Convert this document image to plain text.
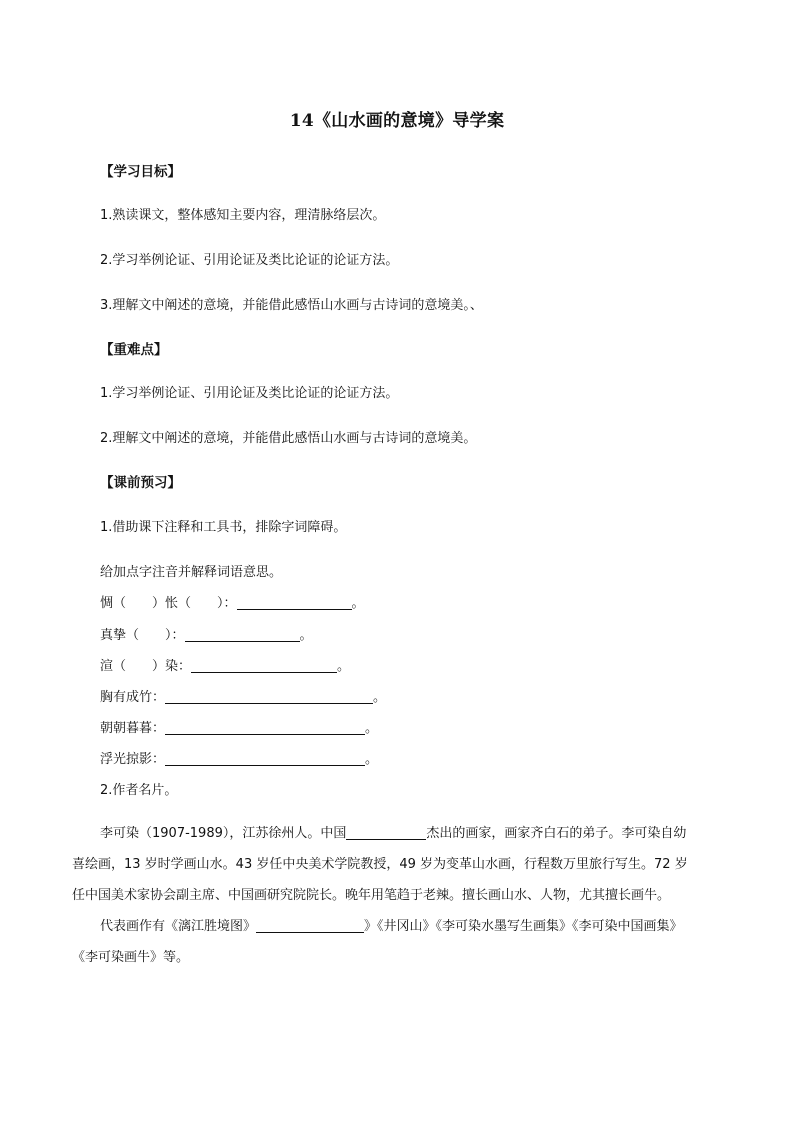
14《山水画的意境》导学案
【学习目标】
1.熟读课文，整体感知主要内容，理清脉络层次。
2.学习举例论证、引用论证及类比论证的论证方法。
3.理解文中阐述的意境，并能借此感悟山水画与古诗词的意境美。、
【重难点】
1.学习举例论证、引用论证及类比论证的论证方法。
2.理解文中阐述的意境，并能借此感悟山水画与古诗词的意境美。
【课前预习】
1.借助课下注释和工具书，排除字词障碍。
给加点字注音并解释词语意思。
惆（　　）怅（　　）：	。
真挚（　　）：	。
渲（　　）染：	。
胸有成竹：	。
朝朝暮暮：	。
浮光掠影：	。
2.作者名片。
李可染（1907-1989），江苏徐州人。中国	杰出的画家，画家齐白石的弟子。李可染自幼
喜绘画，13 岁时学画山水。43 岁任中央美术学院教授，49 岁为变革山水画，行程数万里旅行写生。72 岁
任中国美术家协会副主席、中国画研究院院长。晚年用笔趋于老辣。擅长画山水、人物，尤其擅长画牛。
代表画作有《漓江胜境图》	》《井冈山》《李可染水墨写生画集》《李可染中国画集》
《李可染画牛》等。
